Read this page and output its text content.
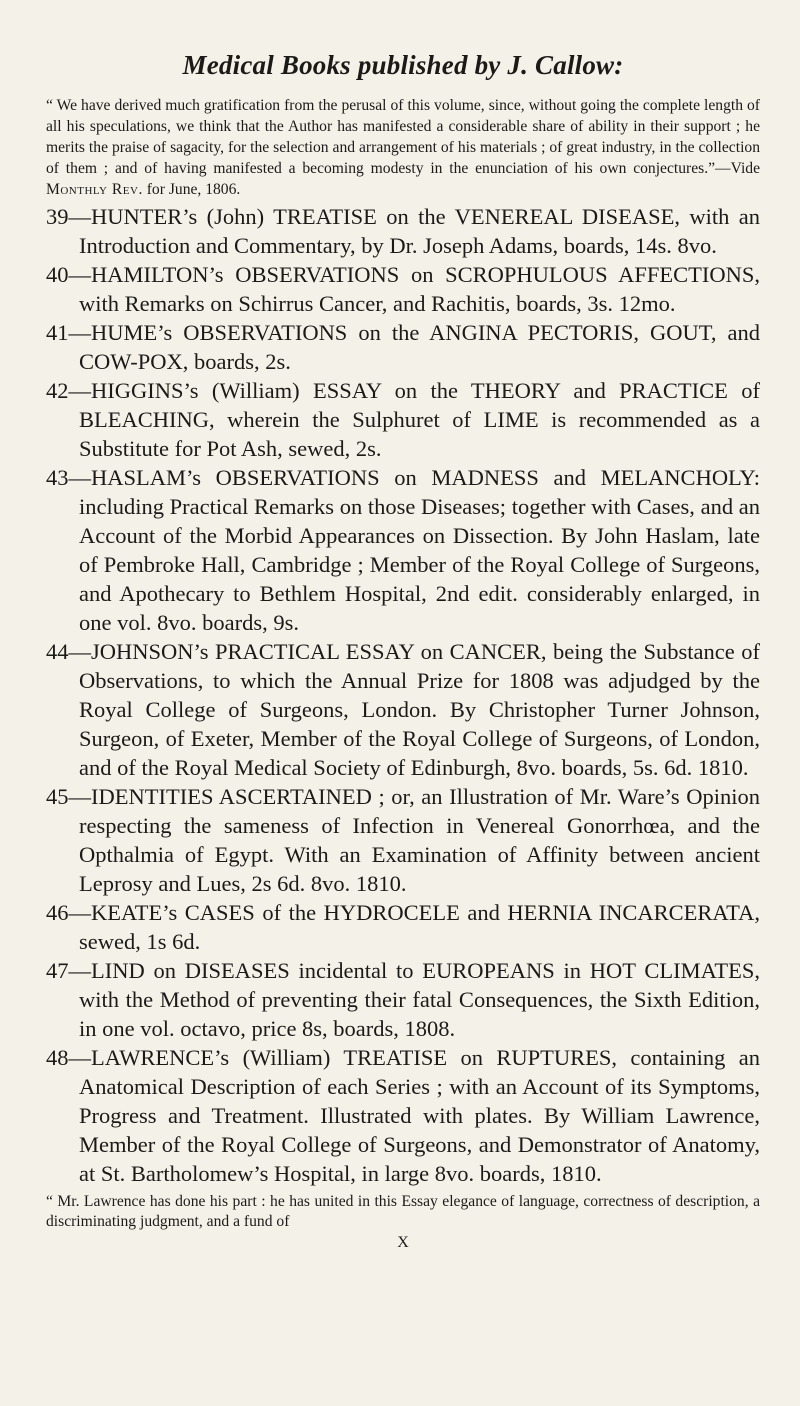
Medical Books published by J. Callow:

“ We have derived much gratification from the perusal of this volume, since, without going the complete length of all his speculations, we think that the Author has manifested a considerable share of ability in their support ; he merits the praise of sagacity, for the selection and arrangement of his materials ; of great industry, in the collection of them ; and of having manifested a becoming modesty in the enunciation of his own conjectures.”—Vide Monthly Rev. for June, 1806.

39—HUNTER’s (John) TREATISE on the VENEREAL DISEASE, with an Introduction and Commentary, by Dr. Joseph Adams, boards, 14s. 8vo.

40—HAMILTON’s OBSERVATIONS on SCROPHULOUS AFFECTIONS, with Remarks on Schirrus Cancer, and Rachitis, boards, 3s. 12mo.

41—HUME’s OBSERVATIONS on the ANGINA PECTORIS, GOUT, and COW-POX, boards, 2s.

42—HIGGINS’s (William) ESSAY on the THEORY and PRACTICE of BLEACHING, wherein the Sulphuret of LIME is recommended as a Substitute for Pot Ash, sewed, 2s.

43—HASLAM’s OBSERVATIONS on MADNESS and MELANCHOLY: including Practical Remarks on those Diseases; together with Cases, and an Account of the Morbid Appearances on Dissection. By John Haslam, late of Pembroke Hall, Cambridge ; Member of the Royal College of Surgeons, and Apothecary to Bethlem Hospital, 2nd edit. considerably enlarged, in one vol. 8vo. boards, 9s.

44—JOHNSON’s PRACTICAL ESSAY on CANCER, being the Substance of Observations, to which the Annual Prize for 1808 was adjudged by the Royal College of Surgeons, London. By Christopher Turner Johnson, Surgeon, of Exeter, Member of the Royal College of Surgeons, of London, and of the Royal Medical Society of Edinburgh, 8vo. boards, 5s. 6d. 1810.

45—IDENTITIES ASCERTAINED ; or, an Illustration of Mr. Ware’s Opinion respecting the sameness of Infection in Venereal Gonorrhœa, and the Opthalmia of Egypt. With an Examination of Affinity between ancient Leprosy and Lues, 2s 6d. 8vo. 1810.

46—KEATE’s CASES of the HYDROCELE and HERNIA INCARCERATA, sewed, 1s 6d.

47—LIND on DISEASES incidental to EUROPEANS in HOT CLIMATES, with the Method of preventing their fatal Consequences, the Sixth Edition, in one vol. octavo, price 8s, boards, 1808.

48—LAWRENCE’s (William) TREATISE on RUPTURES, containing an Anatomical Description of each Series ; with an Account of its Symptoms, Progress and Treatment. Illustrated with plates. By William Lawrence, Member of the Royal College of Surgeons, and Demonstrator of Anatomy, at St. Bartholomew’s Hospital, in large 8vo. boards, 1810.

“ Mr. Lawrence has done his part : he has united in this Essay elegance of language, correctness of description, a discriminating judgment, and a fund of

X
